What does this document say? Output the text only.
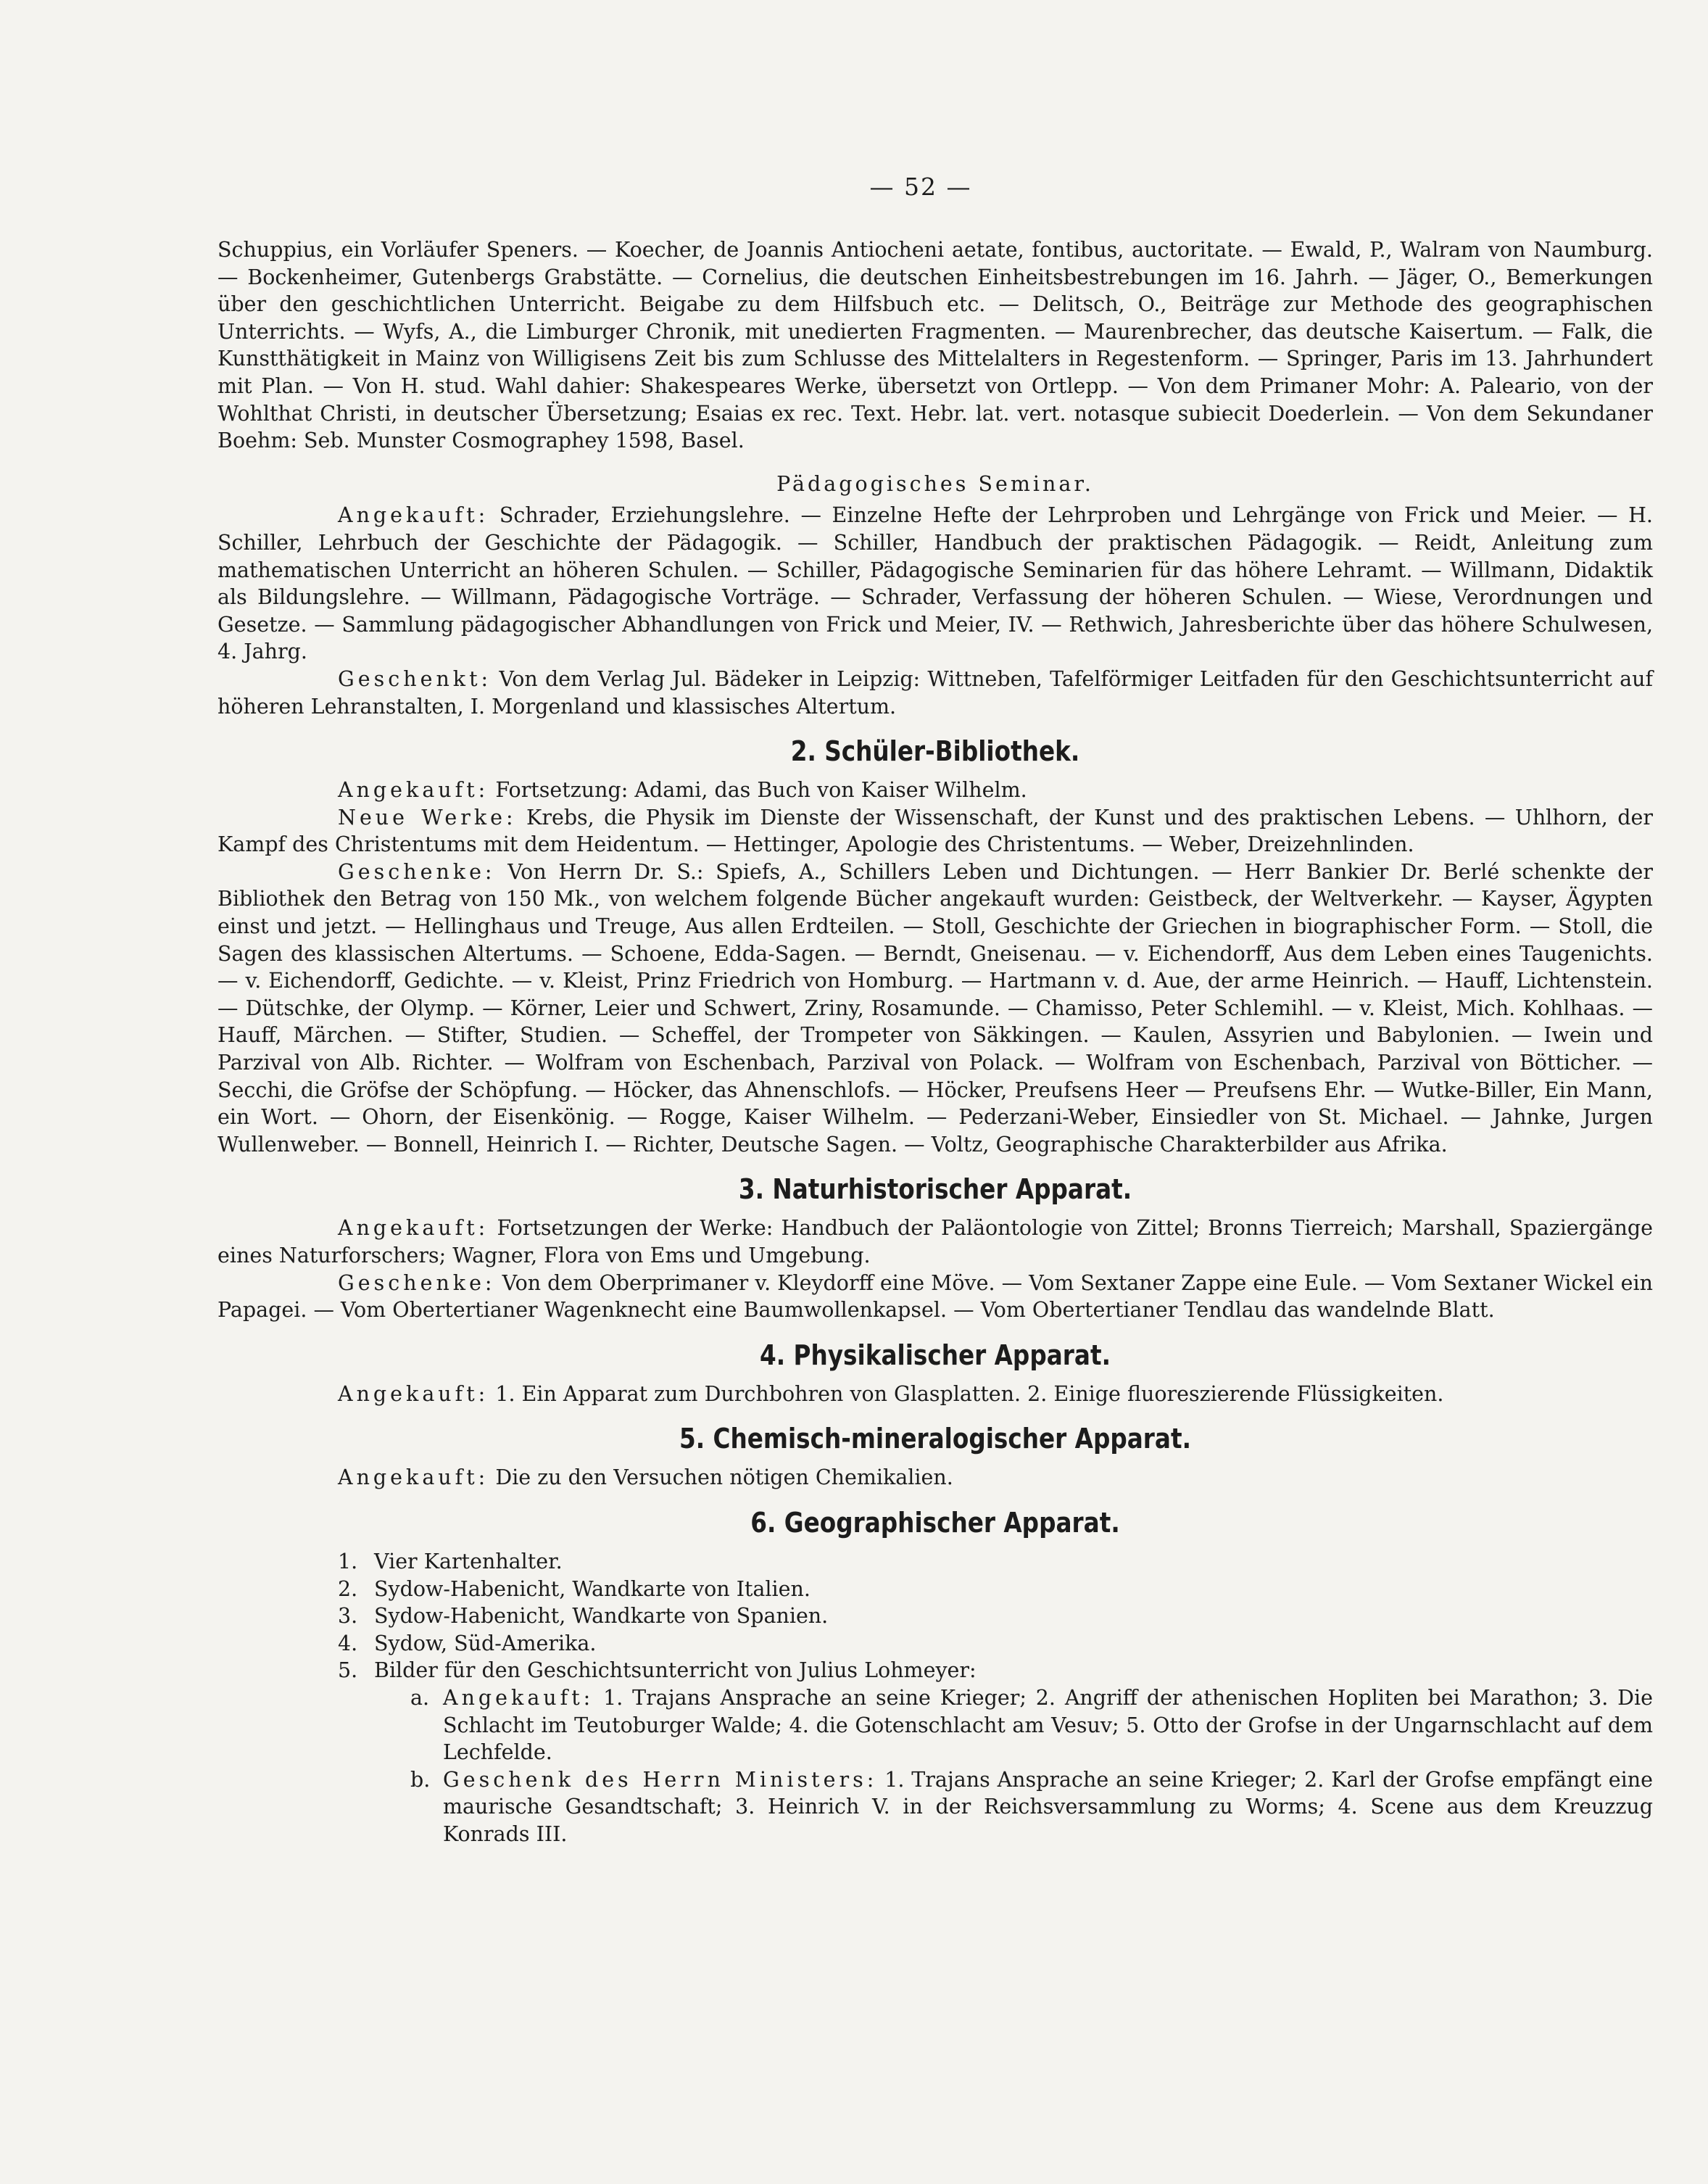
— 52 —

Schuppius, ein Vorläufer Speners. — Koecher, de Joannis Antiocheni aetate, fontibus, auctoritate. — Ewald, P., Walram von Naumburg. — Bockenheimer, Gutenbergs Grabstätte. — Cornelius, die deutschen Einheitsbestrebungen im 16. Jahrh. — Jäger, O., Bemerkungen über den geschichtlichen Unterricht. Beigabe zu dem Hilfsbuch etc. — Delitsch, O., Beiträge zur Methode des geographischen Unterrichts. — Wyfs, A., die Limburger Chronik, mit unedierten Fragmenten. — Maurenbrecher, das deutsche Kaisertum. — Falk, die Kunstthätigkeit in Mainz von Willigisens Zeit bis zum Schlusse des Mittelalters in Regestenform. — Springer, Paris im 13. Jahrhundert mit Plan. — Von H. stud. Wahl dahier: Shakespeares Werke, übersetzt von Ortlepp. — Von dem Primaner Mohr: A. Paleario, von der Wohlthat Christi, in deutscher Übersetzung; Esaias ex rec. Text. Hebr. lat. vert. notasque subiecit Doederlein. — Von dem Sekundaner Boehm: Seb. Munster Cosmographey 1598, Basel.

Pädagogisches Seminar.

Angekauft: Schrader, Erziehungslehre. — Einzelne Hefte der Lehrproben und Lehrgänge von Frick und Meier. — H. Schiller, Lehrbuch der Geschichte der Pädagogik. — Schiller, Handbuch der praktischen Pädagogik. — Reidt, Anleitung zum mathematischen Unterricht an höheren Schulen. — Schiller, Pädagogische Seminarien für das höhere Lehramt. — Willmann, Didaktik als Bildungslehre. — Willmann, Pädagogische Vorträge. — Schrader, Verfassung der höheren Schulen. — Wiese, Verordnungen und Gesetze. — Sammlung pädagogischer Abhandlungen von Frick und Meier, IV. — Rethwich, Jahresberichte über das höhere Schulwesen, 4. Jahrg.

Geschenkt: Von dem Verlag Jul. Bädeker in Leipzig: Wittneben, Tafelförmiger Leitfaden für den Geschichtsunterricht auf höheren Lehranstalten, I. Morgenland und klassisches Altertum.

2. Schüler-Bibliothek.

Angekauft: Fortsetzung: Adami, das Buch von Kaiser Wilhelm.

Neue Werke: Krebs, die Physik im Dienste der Wissenschaft, der Kunst und des praktischen Lebens. — Uhlhorn, der Kampf des Christentums mit dem Heidentum. — Hettinger, Apologie des Christentums. — Weber, Dreizehnlinden.

Geschenke: Von Herrn Dr. S.: Spiefs, A., Schillers Leben und Dichtungen. — Herr Bankier Dr. Berlé schenkte der Bibliothek den Betrag von 150 Mk., von welchem folgende Bücher angekauft wurden: Geistbeck, der Weltverkehr. — Kayser, Ägypten einst und jetzt. — Hellinghaus und Treuge, Aus allen Erdteilen. — Stoll, Geschichte der Griechen in biographischer Form. — Stoll, die Sagen des klassischen Altertums. — Schoene, Edda-Sagen. — Berndt, Gneisenau. — v. Eichendorff, Aus dem Leben eines Taugenichts. — v. Eichendorff, Gedichte. — v. Kleist, Prinz Friedrich von Homburg. — Hartmann v. d. Aue, der arme Heinrich. — Hauff, Lichtenstein. — Dütschke, der Olymp. — Körner, Leier und Schwert, Zriny, Rosamunde. — Chamisso, Peter Schlemihl. — v. Kleist, Mich. Kohlhaas. — Hauff, Märchen. — Stifter, Studien. — Scheffel, der Trompeter von Säkkingen. — Kaulen, Assyrien und Babylonien. — Iwein und Parzival von Alb. Richter. — Wolfram von Eschenbach, Parzival von Polack. — Wolfram von Eschenbach, Parzival von Bötticher. — Secchi, die Gröfse der Schöpfung. — Höcker, das Ahnenschlofs. — Höcker, Preufsens Heer — Preufsens Ehr. — Wutke-Biller, Ein Mann, ein Wort. — Ohorn, der Eisenkönig. — Rogge, Kaiser Wilhelm. — Pederzani-Weber, Einsiedler von St. Michael. — Jahnke, Jurgen Wullenweber. — Bonnell, Heinrich I. — Richter, Deutsche Sagen. — Voltz, Geographische Charakterbilder aus Afrika.

3. Naturhistorischer Apparat.

Angekauft: Fortsetzungen der Werke: Handbuch der Paläontologie von Zittel; Bronns Tierreich; Marshall, Spaziergänge eines Naturforschers; Wagner, Flora von Ems und Umgebung.

Geschenke: Von dem Oberprimaner v. Kleydorff eine Möve. — Vom Sextaner Zappe eine Eule. — Vom Sextaner Wickel ein Papagei. — Vom Obertertianer Wagenknecht eine Baumwollenkapsel. — Vom Obertertianer Tendlau das wandelnde Blatt.

4. Physikalischer Apparat.

Angekauft: 1. Ein Apparat zum Durchbohren von Glasplatten. 2. Einige fluoreszierende Flüssigkeiten.

5. Chemisch-mineralogischer Apparat.

Angekauft: Die zu den Versuchen nötigen Chemikalien.

6. Geographischer Apparat.
1. Vier Kartenhalter.
2. Sydow-Habenicht, Wandkarte von Italien.
3. Sydow-Habenicht, Wandkarte von Spanien.
4. Sydow, Süd-Amerika.
5. Bilder für den Geschichtsunterricht von Julius Lohmeyer:
a. Angekauft: 1. Trajans Ansprache an seine Krieger; 2. Angriff der athenischen Hopliten bei Marathon; 3. Die Schlacht im Teutoburger Walde; 4. die Gotenschlacht am Vesuv; 5. Otto der Grofse in der Ungarnschlacht auf dem Lechfelde.
b. Geschenk des Herrn Ministers: 1. Trajans Ansprache an seine Krieger; 2. Karl der Grofse empfängt eine maurische Gesandtschaft; 3. Heinrich V. in der Reichsversammlung zu Worms; 4. Scene aus dem Kreuzzug Konrads III.
